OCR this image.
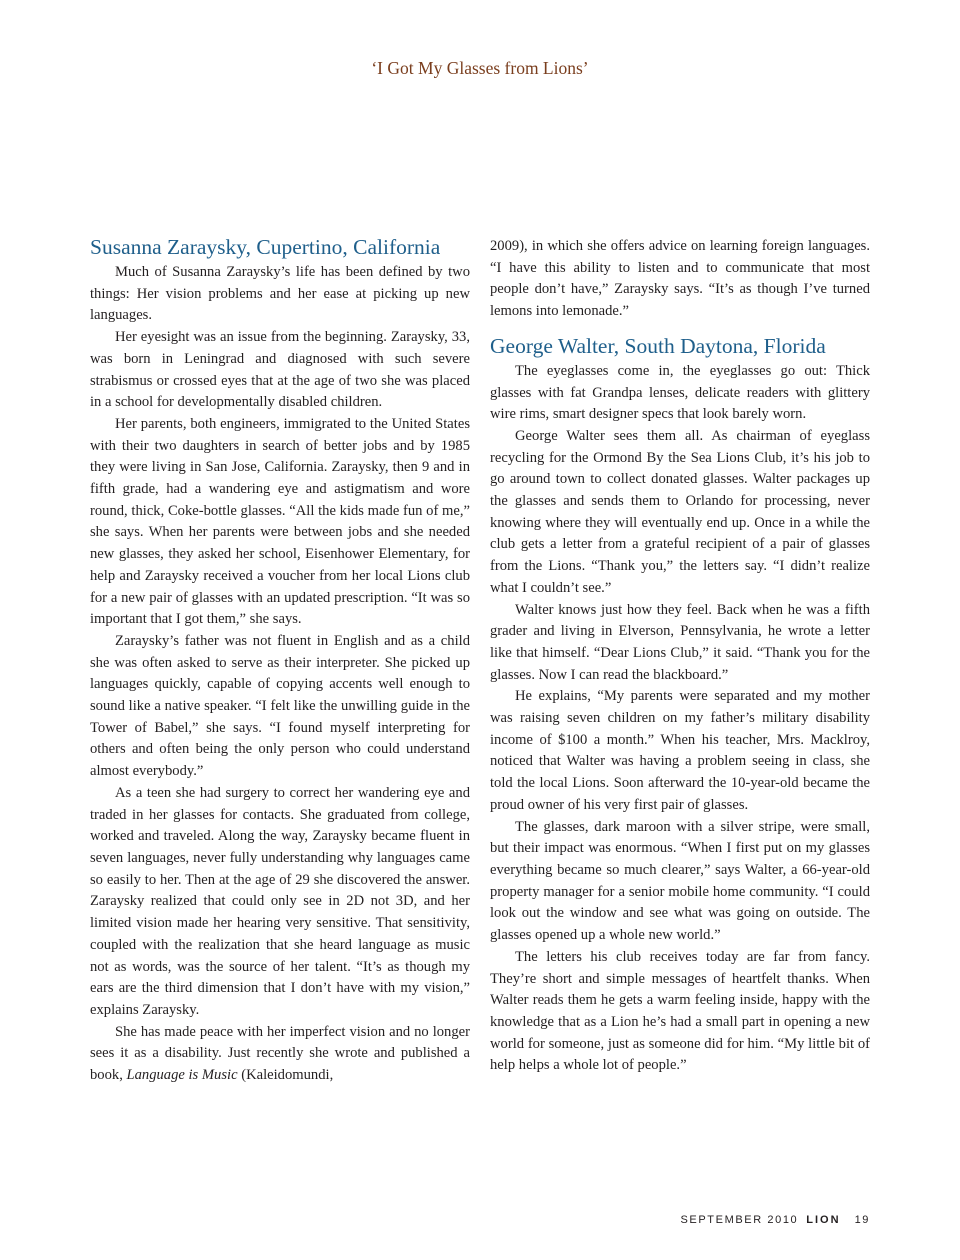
‘I Got My Glasses from Lions’
Susanna Zaraysky, Cupertino, California

Much of Susanna Zaraysky’s life has been defined by two things: Her vision problems and her ease at picking up new languages.

Her eyesight was an issue from the beginning. Zaraysky, 33, was born in Leningrad and diagnosed with such severe strabismus or crossed eyes that at the age of two she was placed in a school for developmentally disabled children.

Her parents, both engineers, immigrated to the United States with their two daughters in search of better jobs and by 1985 they were living in San Jose, California. Zaraysky, then 9 and in fifth grade, had a wandering eye and astigmatism and wore round, thick, Coke-bottle glasses. “All the kids made fun of me,” she says. When her parents were between jobs and she needed new glasses, they asked her school, Eisenhower Elementary, for help and Zaraysky received a voucher from her local Lions club for a new pair of glasses with an updated prescription. “It was so important that I got them,” she says.

Zaraysky’s father was not fluent in English and as a child she was often asked to serve as their interpreter. She picked up languages quickly, capable of copying accents well enough to sound like a native speaker. “I felt like the unwilling guide in the Tower of Babel,” she says. “I found myself interpreting for others and often being the only person who could understand almost everybody.”

As a teen she had surgery to correct her wandering eye and traded in her glasses for contacts. She graduated from college, worked and traveled. Along the way, Zaraysky became fluent in seven languages, never fully understanding why languages came so easily to her. Then at the age of 29 she discovered the answer. Zaraysky realized that could only see in 2D not 3D, and her limited vision made her hearing very sensitive. That sensitivity, coupled with the realization that she heard language as music not as words, was the source of her talent. “It’s as though my ears are the third dimension that I don’t have with my vision,” explains Zaraysky.

She has made peace with her imperfect vision and no longer sees it as a disability. Just recently she wrote and published a book, Language is Music (Kaleidomundi,

2009), in which she offers advice on learning foreign languages. “I have this ability to listen and to communicate that most people don’t have,” Zaraysky says. “It’s as though I’ve turned lemons into lemonade.”

George Walter, South Daytona, Florida

The eyeglasses come in, the eyeglasses go out: Thick glasses with fat Grandpa lenses, delicate readers with glittery wire rims, smart designer specs that look barely worn.

George Walter sees them all. As chairman of eyeglass recycling for the Ormond By the Sea Lions Club, it’s his job to go around town to collect donated glasses. Walter packages up the glasses and sends them to Orlando for processing, never knowing where they will eventually end up. Once in a while the club gets a letter from a grateful recipient of a pair of glasses from the Lions. “Thank you,” the letters say. “I didn’t realize what I couldn’t see.”

Walter knows just how they feel. Back when he was a fifth grader and living in Elverson, Pennsylvania, he wrote a letter like that himself. “Dear Lions Club,” it said. “Thank you for the glasses. Now I can read the blackboard.”

He explains, “My parents were separated and my mother was raising seven children on my father’s military disability income of $100 a month.” When his teacher, Mrs. Macklroy, noticed that Walter was having a problem seeing in class, she told the local Lions. Soon afterward the 10-year-old became the proud owner of his very first pair of glasses.

The glasses, dark maroon with a silver stripe, were small, but their impact was enormous. “When I first put on my glasses everything became so much clearer,” says Walter, a 66-year-old property manager for a senior mobile home community. “I could look out the window and see what was going on outside. The glasses opened up a whole new world.”

The letters his club receives today are far from fancy. They’re short and simple messages of heartfelt thanks. When Walter reads them he gets a warm feeling inside, happy with the knowledge that as a Lion he’s had a small part in opening a new world for someone, just as someone did for him. “My little bit of help helps a whole lot of people.”

SEPTEMBER 2010 LION 19
